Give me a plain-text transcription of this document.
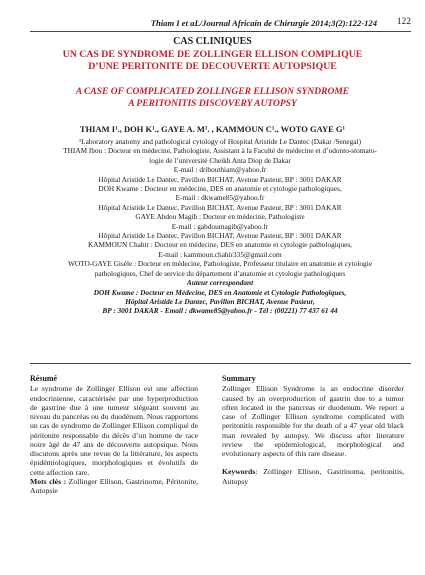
Thiam I et aL/Journal Africain de Chirurgie 2014;3(2):122-124 122
CAS CLINIQUES
UN CAS DE SYNDROME DE ZOLLINGER ELLISON COMPLIQUE
D’UNE PERITONITE DE DECOUVERTE AUTOPSIQUE
A CASE OF COMPLICATED ZOLLINGER ELLISON SYNDROME
A PERITONITIS DISCOVERY AUTOPSY
THIAM I¹., DOH K¹., GAYE A. M¹. , KAMMOUN C¹., WOTO GAYE G¹

¹Laboratory anatomy and pathological cytology of Hospital Aristide Le Dantec (Dakar /Senegal)

THIAM Ibou : Docteur en médecine, Pathologiste, Assistant à la Faculté de médecine et d’odonto-stomato-

logie de l’université Cheikh Anta Diop de Dakar

E-mail : dribouthiam@yahoo.fr

Hôpital Aristide Le Dantec, Pavillon BICHAT, Avenue Pasteur, BP : 3001 DAKAR

DOH Kwame : Docteur en médecine, DES en anatomie et cytologie pathologiques,

E-mail : dkwame85@yahoo.fr

Hôpital Aristide Le Dantec, Pavillon BICHAT, Avenue Pasteur, BP : 3001 DAKAR

GAYE Abdou Magib : Docteur en médecine, Pathologiste

E-mail : gabdoumagib@yahoo.fr

Hôpital Aristide Le Dantec, Pavillon BICHAT, Avenue Pasteur, BP : 3001 DAKAR

KAMMOUN Chahir : Docteur en médecine, DES en anatomie et cytologie pathologiques,

E-mail : kammoun.chahir335@gmail.com

WOTO-GAYE Gisèle : Docteur en médecine, Pathologiste, Professeur titulaire en anatomie et cytologie

pathologiques, Chef de service du département d’anatomie et cytologie pathologiques

Auteur correspondant

DOH Kwame : Docteur en Médecine, DES en Anatomie et Cytologie Pathologiques,

Hôpital Aristide Le Dantec, Pavillon BICHAT, Avenue Pasteur,

BP : 3001 DAKAR - Email : dkwame85@yahoo.fr - Tél : (00221) 77 437 61 44

Résumé

Le syndrome de Zollinger Ellison est une affection endocrinienne, caractérisée par une hyperproduction de gastrine due à une tumeur siégeant souvent au niveau du pancréas ou du duodénum. Nous rapportons un cas de syndrome de Zollinger Ellison compliqué de péritonite responsable du décès d’un homme de race noire âgé de 47 ans de découverte autopsique. Nous discutons après une revue de la littérature, les aspects épidémiologiques, morphologiques et évolutifs de cette affection rare.

Mots clés : Zollinger Ellison, Gastrinome, Péritonite, Autopsie

Summary

Zollinger Ellison Syndrome is an endocrine disorder caused by an overproduction of gastrin due to a tumor often located in the pancreas or duodenum. We report a case of Zollinger Ellison syndrome complicated with peritonitis responsible for the death of a 47 year old black man revealed by autopsy. We discuss after literature review the epidemiological, morphological and evolutionary aspects of this rare disease.

Keywords: Zollinger Ellison, Gastrinoma, peritonitis, Autopsy
